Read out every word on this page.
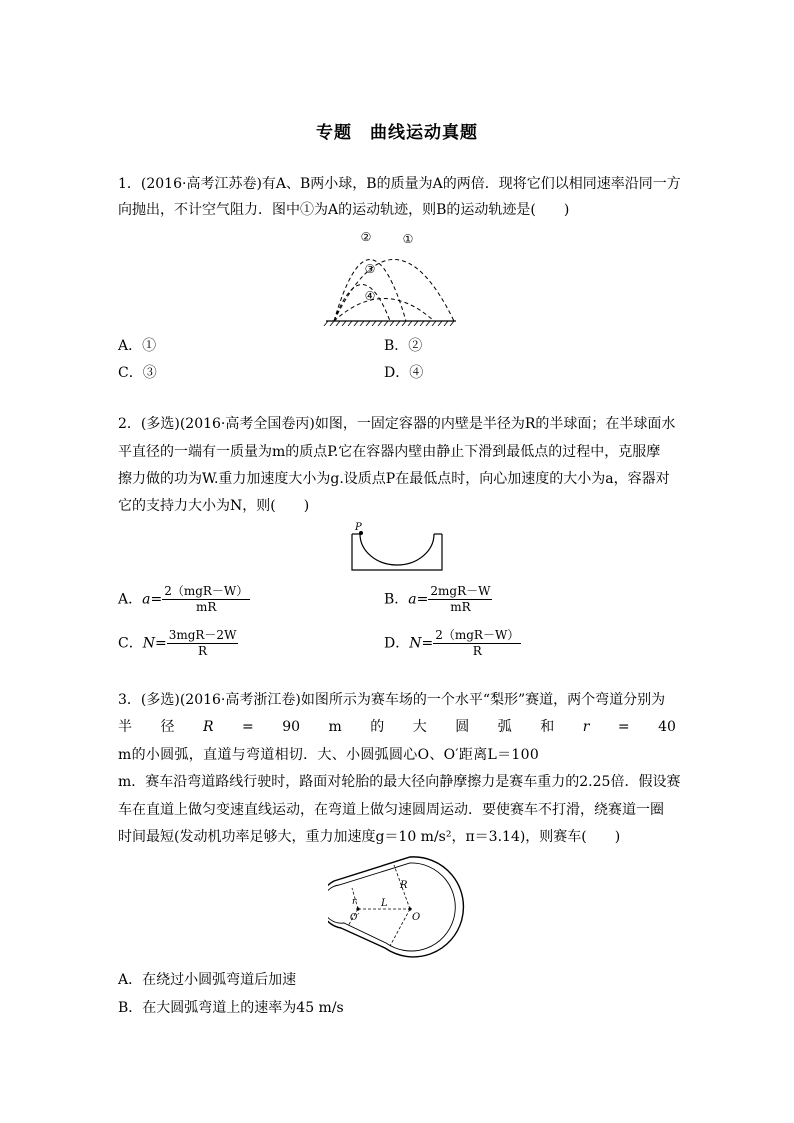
专题　曲线运动真题
1．(2016·高考江苏卷)有A、B两小球，B的质量为A的两倍．现将它们以相同速率沿同一方
向抛出，不计空气阻力．图中①为A的运动轨迹，则B的运动轨迹是(　　)
②	①
③
④
A．①	B．②
C．③	D．④
2．(多选)(2016·高考全国卷丙)如图，一固定容器的内壁是半径为R的半球面；在半球面水
平直径的一端有一质量为m的质点P.它在容器内壁由静止下滑到最低点的过程中，克服摩
擦力做的功为W.重力加速度大小为g.设质点P在最低点时，向心加速度的大小为a，容器对
它的支持力大小为N，则(　　)
P
A．$a= \frac{\text{2（mgR－W）}}{mR}$	B．$a= \frac{\text{2mgR－W}}{mR}$
C．$N= \frac{\text{3mgR－2W}}{R}$	D．$N= \frac{\text{2（mgR－W）}}{R}$
3．(多选)(2016·高考浙江卷)如图所示为赛车场的一个水平“梨形”赛道，两个弯道分别为
半 径 R = 90 m 的 大 圆 弧 和 r = 40
m的小圆弧，直道与弯道相切．大、小圆弧圆心O、O′距离L＝100
m．赛车沿弯道路线行驶时，路面对轮胎的最大径向静摩擦力是赛车重力的2.25倍．假设赛
车在直道上做匀变速直线运动，在弯道上做匀速圆周运动．要使赛车不打滑，绕赛道一圈
时间最短(发动机功率足够大，重力加速度g＝10 m/s²，π＝3.14)，则赛车(　　)
R
r L
O
O′
A．在绕过小圆弧弯道后加速
B．在大圆弧弯道上的速率为45 m/s
